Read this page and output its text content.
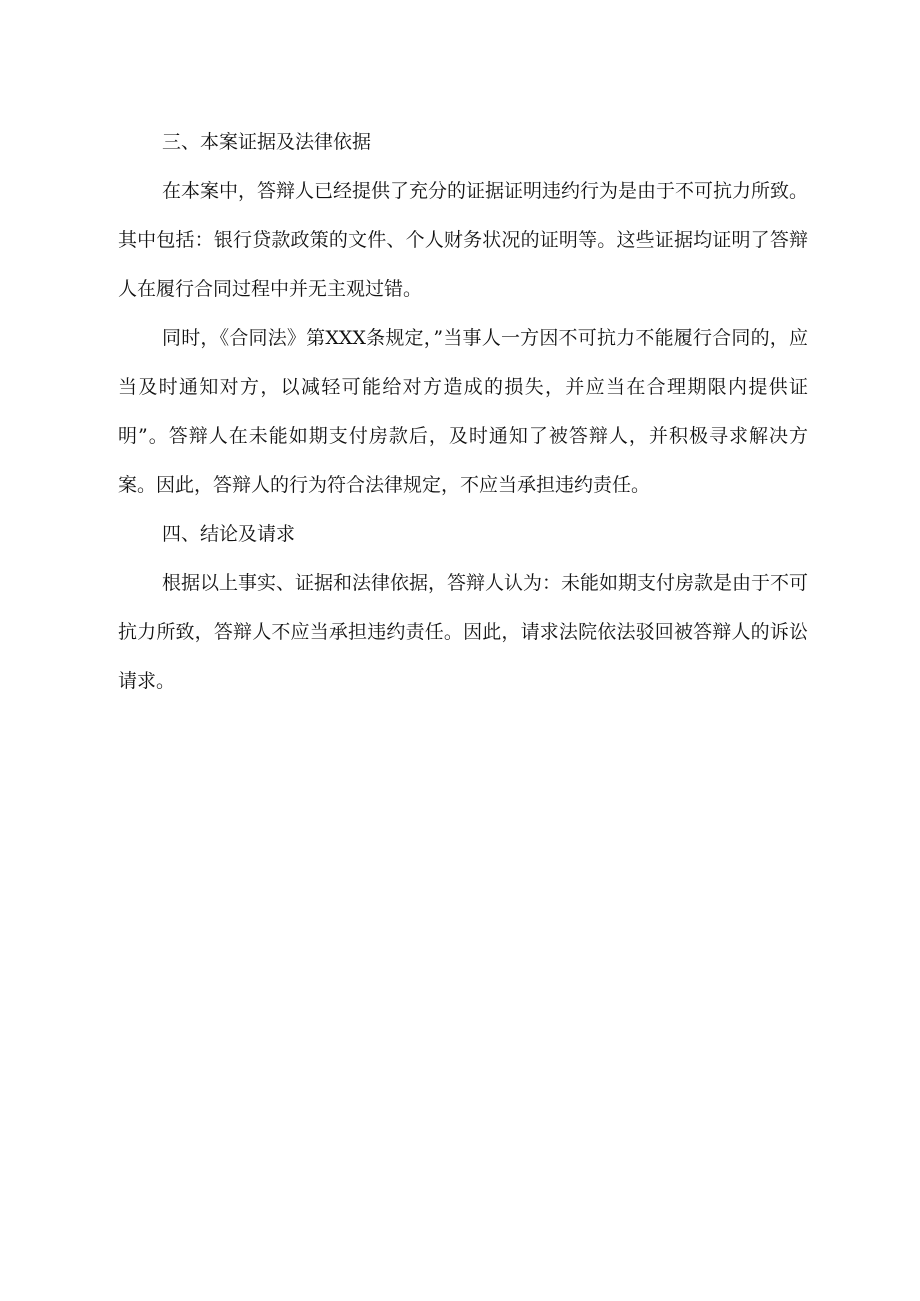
三、本案证据及法律依据

在本案中，答辩人已经提供了充分的证据证明违约行为是由于不可抗力所致。其中包括：银行贷款政策的文件、个人财务状况的证明等。这些证据均证明了答辩人在履行合同过程中并无主观过错。

同时，《合同法》第XXX条规定，”当事人一方因不可抗力不能履行合同的，应当及时通知对方，以减轻可能给对方造成的损失，并应当在合理期限内提供证明”。答辩人在未能如期支付房款后，及时通知了被答辩人，并积极寻求解决方案。因此，答辩人的行为符合法律规定，不应当承担违约责任。

四、结论及请求

根据以上事实、证据和法律依据，答辩人认为：未能如期支付房款是由于不可抗力所致，答辩人不应当承担违约责任。因此，请求法院依法驳回被答辩人的诉讼请求。
